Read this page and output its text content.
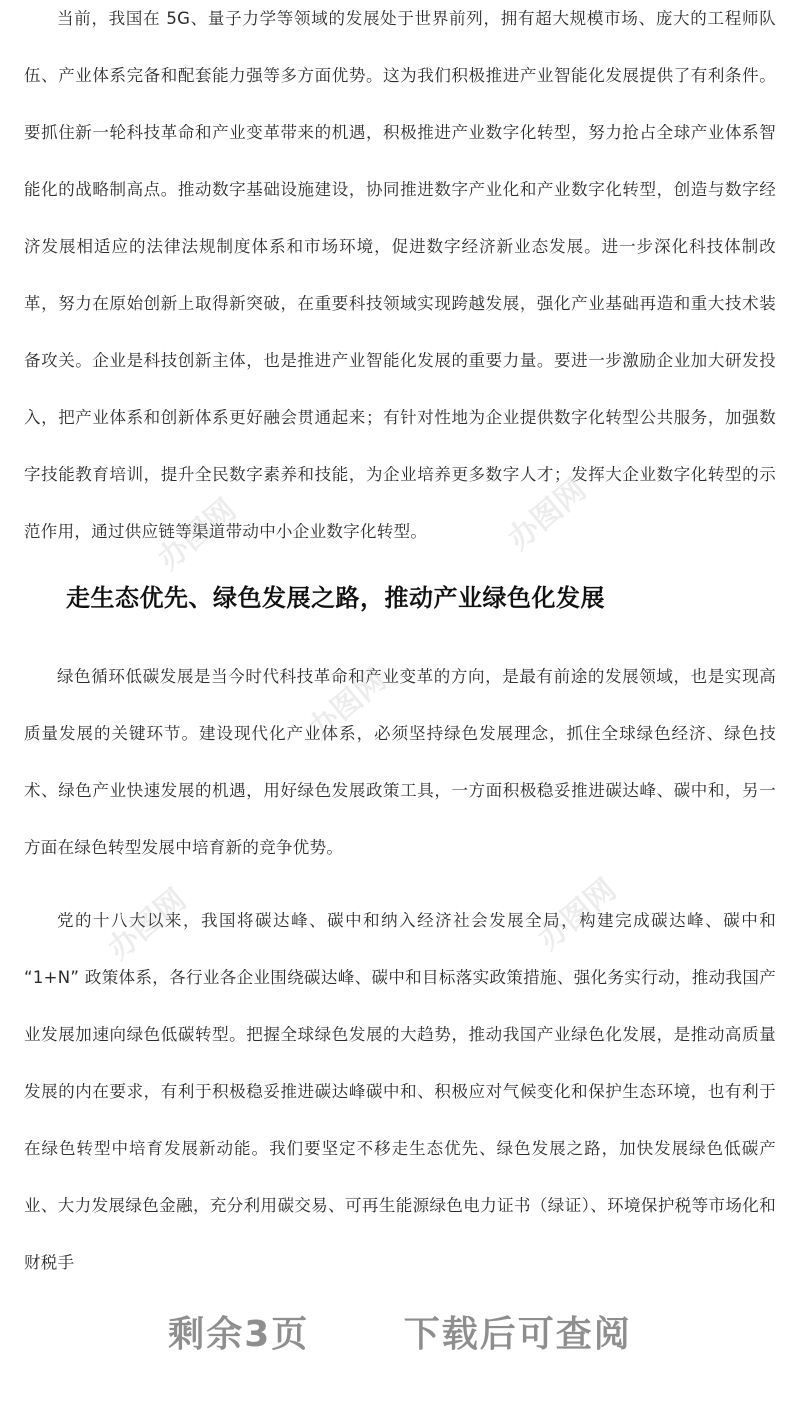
当前，我国在 5G、量子力学等领域的发展处于世界前列，拥有超大规模市场、庞大的工程师队伍、产业体系完备和配套能力强等多方面优势。这为我们积极推进产业智能化发展提供了有利条件。要抓住新一轮科技革命和产业变革带来的机遇，积极推进产业数字化转型，努力抢占全球产业体系智能化的战略制高点。推动数字基础设施建设，协同推进数字产业化和产业数字化转型，创造与数字经济发展相适应的法律法规制度体系和市场环境，促进数字经济新业态发展。进一步深化科技体制改革，努力在原始创新上取得新突破，在重要科技领域实现跨越发展，强化产业基础再造和重大技术装备攻关。企业是科技创新主体，也是推进产业智能化发展的重要力量。要进一步激励企业加大研发投入，把产业体系和创新体系更好融会贯通起来；有针对性地为企业提供数字化转型公共服务，加强数字技能教育培训，提升全民数字素养和技能，为企业培养更多数字人才；发挥大企业数字化转型的示范作用，通过供应链等渠道带动中小企业数字化转型。

走生态优先、绿色发展之路，推动产业绿色化发展

绿色循环低碳发展是当今时代科技革命和产业变革的方向，是最有前途的发展领域，也是实现高质量发展的关键环节。建设现代化产业体系，必须坚持绿色发展理念，抓住全球绿色经济、绿色技术、绿色产业快速发展的机遇，用好绿色发展政策工具，一方面积极稳妥推进碳达峰、碳中和，另一方面在绿色转型发展中培育新的竞争优势。

党的十八大以来，我国将碳达峰、碳中和纳入经济社会发展全局，构建完成碳达峰、碳中和 “1+N” 政策体系，各行业各企业围绕碳达峰、碳中和目标落实政策措施、强化务实行动，推动我国产业发展加速向绿色低碳转型。把握全球绿色发展的大趋势，推动我国产业绿色化发展，是推动高质量发展的内在要求，有利于积极稳妥推进碳达峰碳中和、积极应对气候变化和保护生态环境，也有利于在绿色转型中培育发展新动能。我们要坚定不移走生态优先、绿色发展之路，加快发展绿色低碳产业、大力发展绿色金融，充分利用碳交易、可再生能源绿色电力证书（绿证）、环境保护税等市场化和财税手

剩余3页	下载后可查阅
办图网	办图网
办图网
办图网	办图网
